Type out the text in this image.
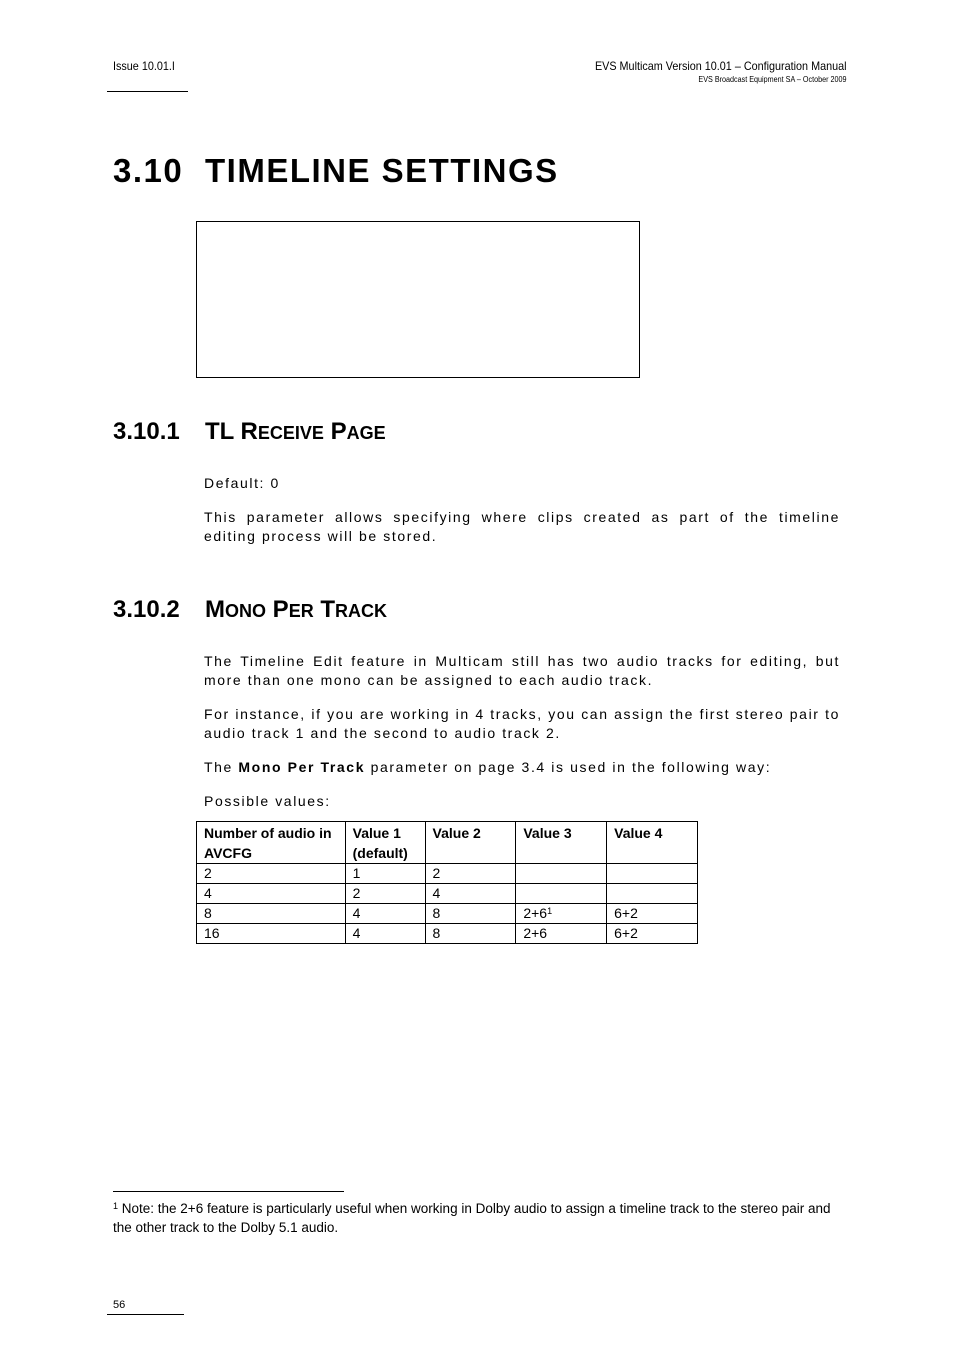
Issue 10.01.I	EVS Multicam Version 10.01 – Configuration Manual
EVS Broadcast Equipment SA – October 2009
3.10 TIMELINE SETTINGS
3.10.1 TL RECEIVE PAGE
Default: 0
This parameter allows specifying where clips created as part of the timeline editing process will be stored.
3.10.2 MONO PER TRACK
The Timeline Edit feature in Multicam still has two audio tracks for editing, but more than one mono can be assigned to each audio track.
For instance, if you are working in 4 tracks, you can assign the first stereo pair to audio track 1 and the second to audio track 2.
The Mono Per Track parameter on page 3.4 is used in the following way:
Possible values:
Number of audio in AVCFG	Value 1 (default)	Value 2	Value 3	Value 4
2	1	2		
4	2	4		
8	4	8	$2+6^1$	6+2
16	4	8	2+6	6+2
$^1$ Note: the 2+6 feature is particularly useful when working in Dolby audio to assign a timeline track to the stereo pair and the other track to the Dolby 5.1 audio.
56
